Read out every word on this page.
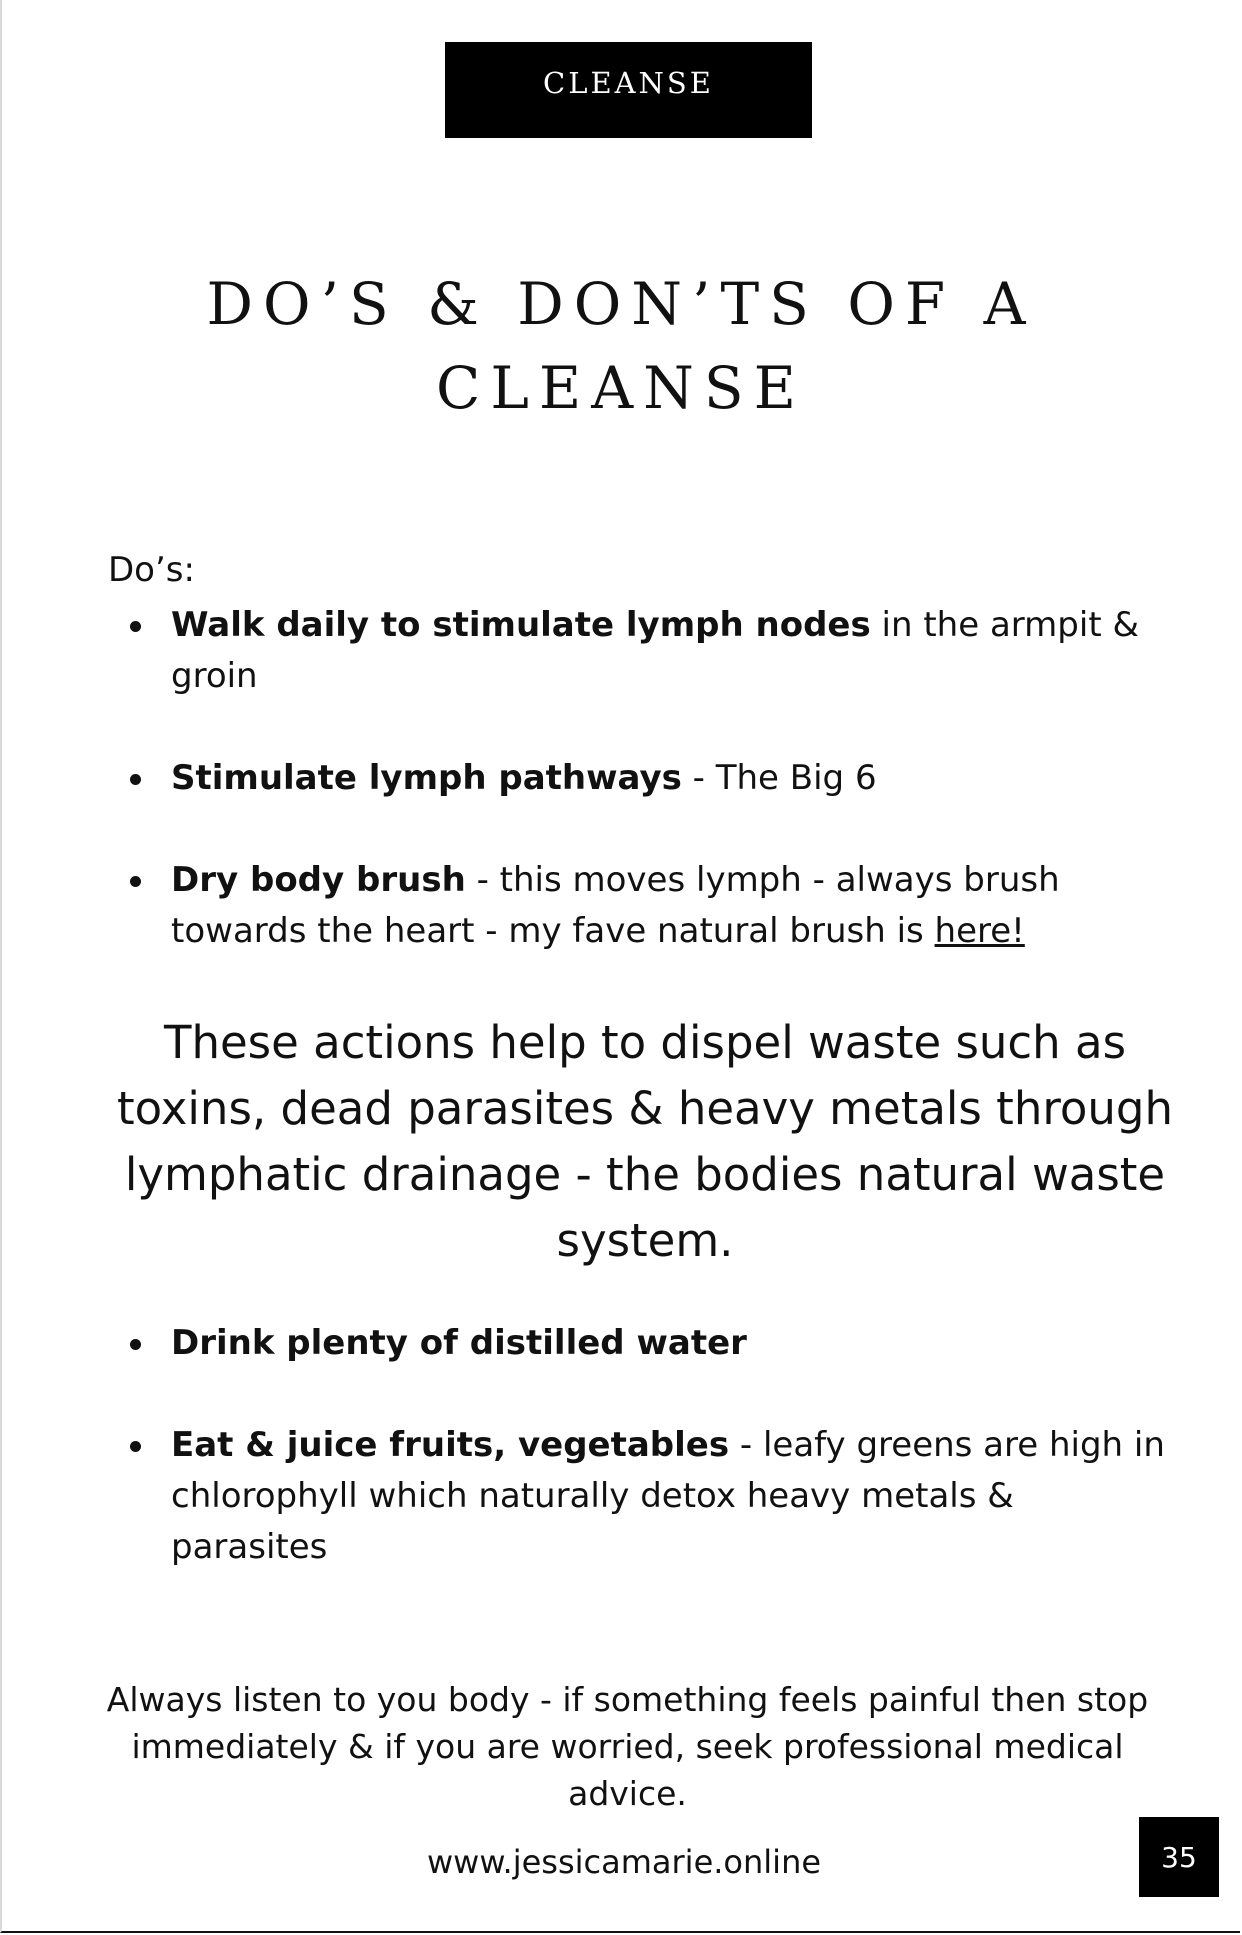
CLEANSE
DO’S & DON’TS OF A
CLEANSE
Do’s:
Walk daily to stimulate lymph nodes in the armpit & groin
Stimulate lymph pathways - The Big 6
Dry body brush - this moves lymph - always brush towards the heart - my fave natural brush is here!
These actions help to dispel waste such as toxins, dead parasites & heavy metals through lymphatic drainage - the bodies natural waste system.
Drink plenty of distilled water
Eat & juice fruits, vegetables - leafy greens are high in chlorophyll which naturally detox heavy metals & parasites
Always listen to you body - if something feels painful then stop immediately & if you are worried, seek professional medical advice.
www.jessicamarie.online	35
